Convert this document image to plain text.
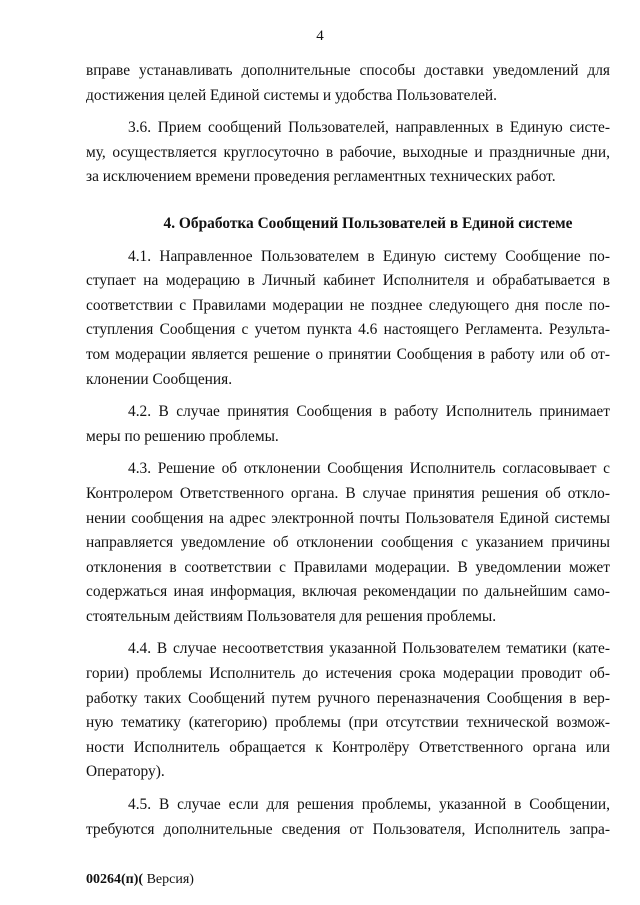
4
вправе устанавливать дополнительные способы доставки уведомлений для
достижения целей Единой системы и удобства Пользователей.
3.6. Прием сообщений Пользователей, направленных в Единую систе-
му, осуществляется круглосуточно в рабочие, выходные и праздничные дни,
за исключением времени проведения регламентных технических работ.
4. Обработка Сообщений Пользователей в Единой системе
4.1. Направленное Пользователем в Единую систему Сообщение по-
ступает на модерацию в Личный кабинет Исполнителя и обрабатывается в
соответствии с Правилами модерации не позднее следующего дня после по-
ступления Сообщения с учетом пункта 4.6 настоящего Регламента. Результа-
том модерации является решение о принятии Сообщения в работу или об от-
клонении Сообщения.
4.2. В случае принятия Сообщения в работу Исполнитель принимает
меры по решению проблемы.
4.3. Решение об отклонении Сообщения Исполнитель согласовывает с
Контролером Ответственного органа. В случае принятия решения об откло-
нении сообщения на адрес электронной почты Пользователя Единой системы
направляется уведомление об отклонении сообщения с указанием причины
отклонения в соответствии с Правилами модерации. В уведомлении может
содержаться иная информация, включая рекомендации по дальнейшим само-
стоятельным действиям Пользователя для решения проблемы.
4.4. В случае несоответствия указанной Пользователем тематики (кате-
гории) проблемы Исполнитель до истечения срока модерации проводит об-
работку таких Сообщений путем ручного переназначения Сообщения в вер-
ную тематику (категорию) проблемы (при отсутствии технической возмож-
ности Исполнитель обращается к Контролёру Ответственного органа или
Оператору).
4.5. В случае если для решения проблемы, указанной в Сообщении,
требуются дополнительные сведения от Пользователя, Исполнитель запра-
00264(п)( Версия)
